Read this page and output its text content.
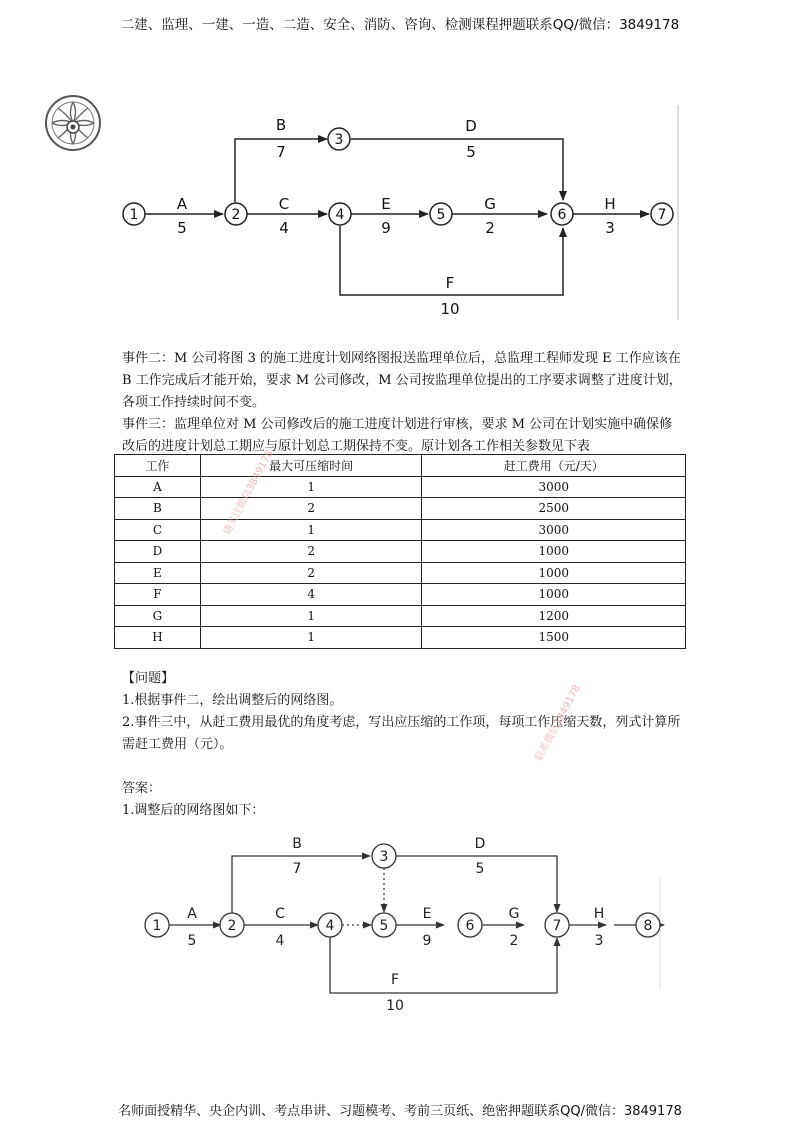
二建、监理、一建、一造、二造、安全、消防、咨询、检测课程押题联系QQ/微信：3849178
1	2
3
4	5	6	7
A
5
B
7
C
4
D
5
E
9
G
2
H
3
F
10
事件二：M 公司将图 3 的施工进度计划网络图报送监理单位后，总监理工程师发现 E 工作应该在 B 工作完成后才能开始，要求 M 公司修改，M 公司按监理单位提出的工序要求调整了进度计划，各项工作持续时间不变。
事件三：监理单位对 M 公司修改后的施工进度计划进行审核，要求 M 公司在计划实施中确保修改后的进度计划总工期应与原计划总工期保持不变。原计划各工作相关参数见下表
工作	最大可压缩时间	赶工费用（元/天）
A	1	3000
B	2	2500
C	1	3000
D	2	1000
E	2	1000
F	4	1000
G	1	1200
H	1	1500
【问题】
1.根据事件二，绘出调整后的网络图。
2.事件三中，从赶工费用最优的角度考虑，写出应压缩的工作项，每项工作压缩天数，列式计算所需赶工费用（元）。
答案：
1.调整后的网络图如下：
1	2
3
4	5	6	7	8
A
5
B
7
C
4
D
5
E
9
G
2
H
3
F
10
请关注微信3849178
联系微信3849178
名师面授精华、央企内训、考点串讲、习题模考、考前三页纸、绝密押题联系QQ/微信：3849178
